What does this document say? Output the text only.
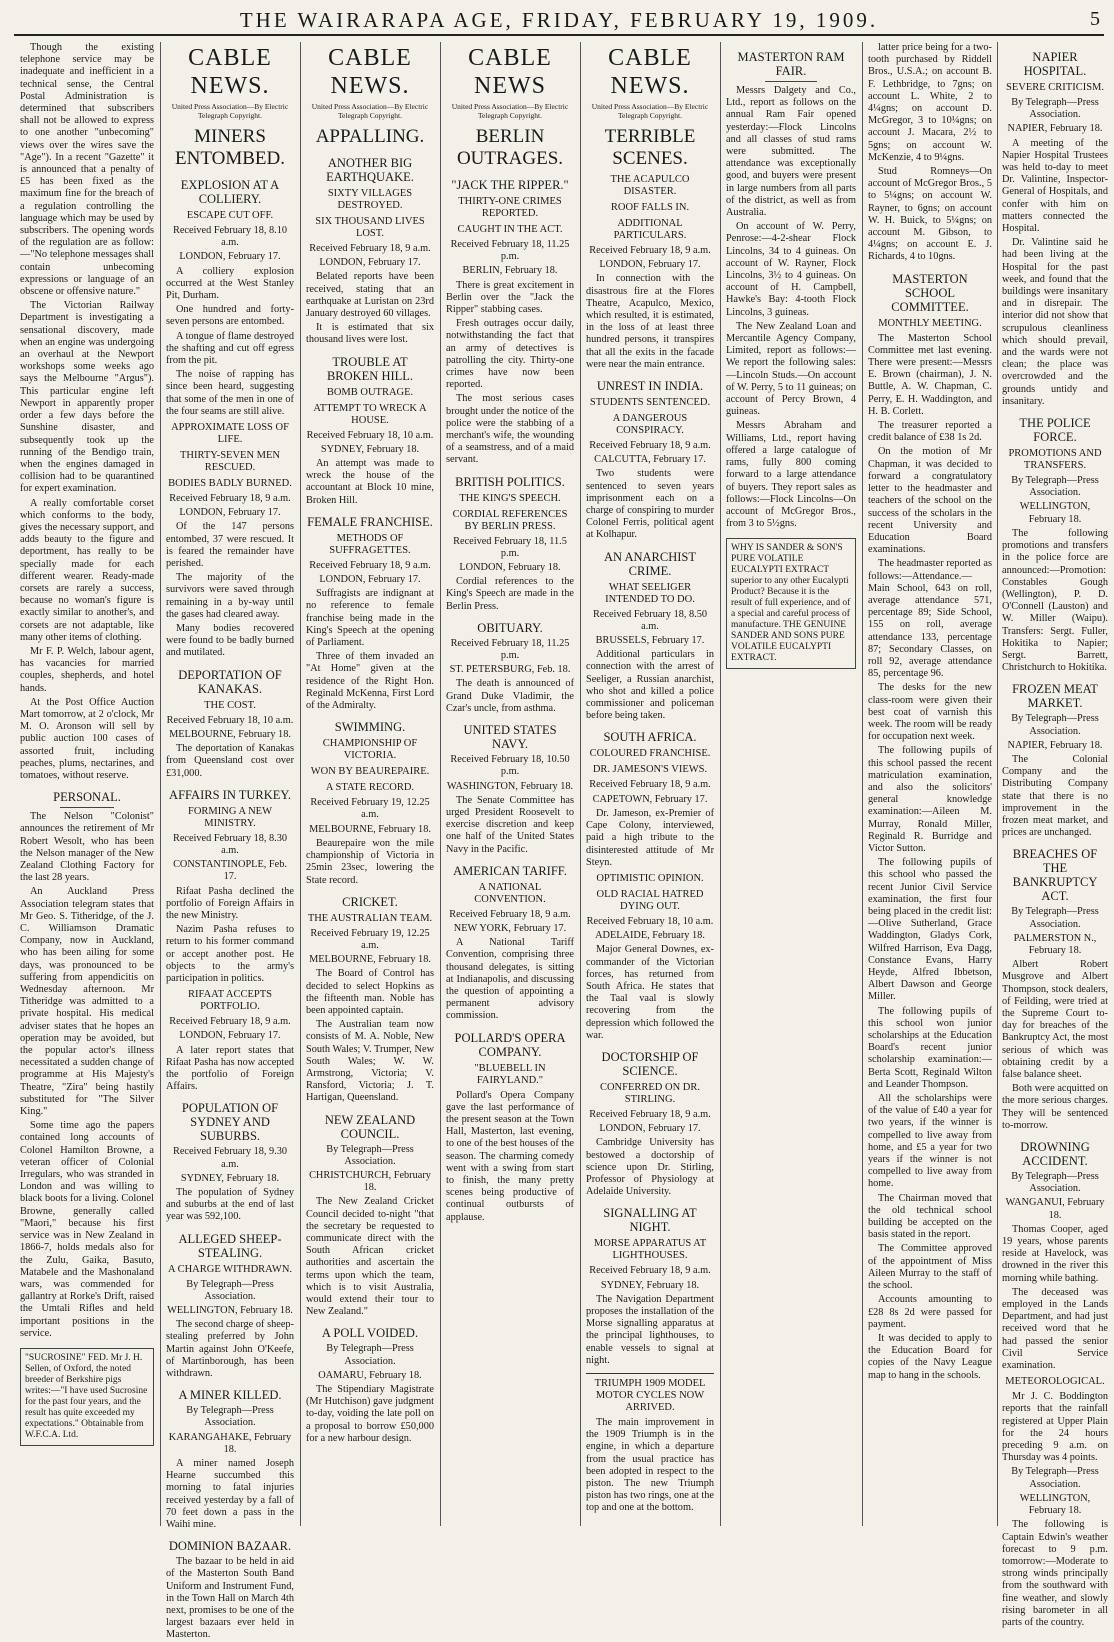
THE WAIRARAPA AGE, FRIDAY, FEBRUARY 19, 1909.	5

Though the existing telephone service may be inadequate and inefficient in a technical sense, the Central Postal Administration is determined that subscribers shall not be allowed to express to one another "unbecoming" views over the wires save the "Age"). In a recent "Gazette" it is announced that a penalty of £5 has been fixed as the maximum fine for the breach of a regulation controlling the language which may be used by subscribers. The opening words of the regulation are as follow:—"No telephone messages shall contain unbecoming expressions or language of an obscene or offensive nature."

The Victorian Railway Department is investigating a sensational discovery, made when an engine was undergoing an overhaul at the Newport workshops some weeks ago says the Melbourne "Argus"). This particular engine left Newport in apparently proper order a few days before the Sunshine disaster, and subsequently took up the running of the Bendigo train, when the engines damaged in collision had to be quarantined for expert examination.

A really comfortable corset which conforms to the body, gives the necessary support, and adds beauty to the figure and deportment, has really to be specially made for each different wearer. Ready-made corsets are rarely a success, because no woman's figure is exactly similar to another's, and corsets are not adaptable, like many other items of clothing.

Mr F. P. Welch, labour agent, has vacancies for married couples, shepherds, and hotel hands.

At the Post Office Auction Mart tomorrow, at 2 o'clock, Mr M. O. Aronson will sell by public auction 100 cases of assorted fruit, including peaches, plums, nectarines, and tomatoes, without reserve.

PERSONAL.

The Nelson "Colonist" announces the retirement of Mr Robert Wesolt, who has been the Nelson manager of the New Zealand Clothing Factory for the last 28 years.

An Auckland Press Association telegram states that Mr Geo. S. Titheridge, of the J. C. Williamson Dramatic Company, now in Auckland, who has been ailing for some days, was pronounced to be suffering from appendicitis on Wednesday afternoon. Mr Titheridge was admitted to a private hospital. His medical adviser states that he hopes an operation may be avoided, but the popular actor's illness necessitated a sudden change of programme at His Majesty's Theatre, "Zira" being hastily substituted for "The Silver King."

Some time ago the papers contained long accounts of Colonel Hamilton Browne, a veteran officer of Colonial Irregulars, who was stranded in London and was willing to black boots for a living. Colonel Browne, generally called "Maori," because his first service was in New Zealand in 1866-7, holds medals also for the Zulu, Gaika, Basuto, Matabele and the Mashonaland wars, was commended for gallantry at Rorke's Drift, raised the Umtali Rifles and held important positions in the service.

"SUCROSINE" FED. Mr J. H. Sellen, of Oxford, the noted breeder of Berkshire pigs writes:—"I have used Sucrosine for the past four years, and the result has quite exceeded my expectations." Obtainable from W.F.C.A. Ltd.
CABLE NEWS.
United Press Association—By Electric Telegraph Copyright.
MINERS ENTOMBED.
EXPLOSION AT A COLLIERY.
ESCAPE CUT OFF.

Received February 18, 8.10 a.m.

LONDON, February 17.

A colliery explosion occurred at the West Stanley Pit, Durham.

One hundred and forty-seven persons are entombed.

A tongue of flame destroyed the shafting and cut off egress from the pit.

The noise of rapping has since been heard, suggesting that some of the men in one of the four seams are still alive.

APPROXIMATE LOSS OF LIFE.
THIRTY-SEVEN MEN RESCUED.
BODIES BADLY BURNED.

Received February 18, 9 a.m.

LONDON, February 17.

Of the 147 persons entombed, 37 were rescued. It is feared the remainder have perished.

The majority of the survivors were saved through remaining in a by-way until the gases had cleared away.

Many bodies recovered were found to be badly burned and mutilated.

DEPORTATION OF KANAKAS.
THE COST.

Received February 18, 10 a.m.

MELBOURNE, February 18.

The deportation of Kanakas from Queensland cost over £31,000.

AFFAIRS IN TURKEY.
FORMING A NEW MINISTRY.

Received February 18, 8.30 a.m.

CONSTANTINOPLE, Feb. 17.

Rifaat Pasha declined the portfolio of Foreign Affairs in the new Ministry.

Nazim Pasha refuses to return to his former command or accept another post. He objects to the army's participation in politics.

RIFAAT ACCEPTS PORTFOLIO.

Received February 18, 9 a.m.

LONDON, February 17.

A later report states that Rifaat Pasha has now accepted the portfolio of Foreign Affairs.

POPULATION OF SYDNEY AND SUBURBS.

Received February 18, 9.30 a.m.

SYDNEY, February 18.

The population of Sydney and suburbs at the end of last year was 592,100.

ALLEGED SHEEP-STEALING.
A CHARGE WITHDRAWN.

By Telegraph—Press Association.

WELLINGTON, February 18.

The second charge of sheep-stealing preferred by John Martin against John O'Keefe, of Martinborough, has been withdrawn.

A MINER KILLED.

By Telegraph—Press Association.

KARANGAHAKE, February 18.

A miner named Joseph Hearne succumbed this morning to fatal injuries received yesterday by a fall of 70 feet down a pass in the Waihi mine.

DOMINION BAZAAR.

The bazaar to be held in aid of the Masterton South Band Uniform and Instrument Fund, in the Town Hall on March 4th next, promises to be one of the largest bazaars ever held in Masterton.

CABLE NEWS.
United Press Association—By Electric Telegraph Copyright.
APPALLING.
ANOTHER BIG EARTHQUAKE.
SIXTY VILLAGES DESTROYED.
SIX THOUSAND LIVES LOST.

Received February 18, 9 a.m.

LONDON, February 17.

Belated reports have been received, stating that an earthquake at Luristan on 23rd January destroyed 60 villages.

It is estimated that six thousand lives were lost.

TROUBLE AT BROKEN HILL.
BOMB OUTRAGE.
ATTEMPT TO WRECK A HOUSE.

Received February 18, 10 a.m.

SYDNEY, February 18.

An attempt was made to wreck the house of the accountant at Block 10 mine, Broken Hill.

FEMALE FRANCHISE.
METHODS OF SUFFRAGETTES.

Received February 18, 9 a.m.

LONDON, February 17.

Suffragists are indignant at no reference to female franchise being made in the King's Speech at the opening of Parliament.

Three of them invaded an "At Home" given at the residence of the Right Hon. Reginald McKenna, First Lord of the Admiralty.

SWIMMING.
CHAMPIONSHIP OF VICTORIA.
WON BY BEAUREPAIRE.
A STATE RECORD.

Received February 19, 12.25 a.m.

MELBOURNE, February 18.

Beaurepaire won the mile championship of Victoria in 25min 23sec, lowering the State record.

CRICKET.
THE AUSTRALIAN TEAM.

Received February 19, 12.25 a.m.

MELBOURNE, February 18.

The Board of Control has decided to select Hopkins as the fifteenth man. Noble has been appointed captain.

The Australian team now consists of M. A. Noble, New South Wales; V. Trumper, New South Wales; W. W. Armstrong, Victoria; V. Ransford, Victoria; J. T. Hartigan, Queensland.

NEW ZEALAND COUNCIL.

By Telegraph—Press Association.

CHRISTCHURCH, February 18.

The New Zealand Cricket Council decided to-night "that the secretary be requested to communicate direct with the South African cricket authorities and ascertain the terms upon which the team, which is to visit Australia, would extend their tour to New Zealand."

A POLL VOIDED.

By Telegraph—Press Association.

OAMARU, February 18.

The Stipendiary Magistrate (Mr Hutchison) gave judgment to-day, voiding the late poll on a proposal to borrow £50,000 for a new harbour design.

CABLE NEWS
United Press Association—By Electric Telegraph Copyright.
BERLIN OUTRAGES.
"JACK THE RIPPER."
THIRTY-ONE CRIMES REPORTED.
CAUGHT IN THE ACT.

Received February 18, 11.25 p.m.

BERLIN, February 18.

There is great excitement in Berlin over the "Jack the Ripper" stabbing cases.

Fresh outrages occur daily, notwithstanding the fact that an army of detectives is patrolling the city. Thirty-one crimes have now been reported.

The most serious cases brought under the notice of the police were the stabbing of a merchant's wife, the wounding of a seamstress, and of a maid servant.

BRITISH POLITICS.
THE KING'S SPEECH.
CORDIAL REFERENCES BY BERLIN PRESS.

Received February 18, 11.5 p.m.

LONDON, February 18.

Cordial references to the King's Speech are made in the Berlin Press.

OBITUARY.

Received February 18, 11.25 p.m.

ST. PETERSBURG, Feb. 18.

The death is announced of Grand Duke Vladimir, the Czar's uncle, from asthma.

UNITED STATES NAVY.

Received February 18, 10.50 p.m.

WASHINGTON, February 18.

The Senate Committee has urged President Roosevelt to exercise discretion and keep one half of the United States Navy in the Pacific.

AMERICAN TARIFF.
A NATIONAL CONVENTION.

Received February 18, 9 a.m.

NEW YORK, February 17.

A National Tariff Convention, comprising three thousand delegates, is sitting at Indianapolis, and discussing the question of appointing a permanent advisory commission.

POLLARD'S OPERA COMPANY.
"BLUEBELL IN FAIRYLAND."

Pollard's Opera Company gave the last performance of the present season at the Town Hall, Masterton, last evening, to one of the best houses of the season. The charming comedy went with a swing from start to finish, the many pretty scenes being productive of continual outbursts of applause.

CABLE NEWS.
United Press Association—By Electric Telegraph Copyright.
TERRIBLE SCENES.
THE ACAPULCO DISASTER.
ROOF FALLS IN.
ADDITIONAL PARTICULARS.

Received February 18, 9 a.m.

LONDON, February 17.

In connection with the disastrous fire at the Flores Theatre, Acapulco, Mexico, which resulted, it is estimated, in the loss of at least three hundred persons, it transpires that all the exits in the facade were near the main entrance.

UNREST IN INDIA.
STUDENTS SENTENCED.
A DANGEROUS CONSPIRACY.

Received February 18, 9 a.m.

CALCUTTA, February 17.

Two students were sentenced to seven years imprisonment each on a charge of conspiring to murder Colonel Ferris, political agent at Kolhapur.

AN ANARCHIST CRIME.
WHAT SEELIGER INTENDED TO DO.

Received February 18, 8.50 a.m.

BRUSSELS, February 17.

Additional particulars in connection with the arrest of Seeliger, a Russian anarchist, who shot and killed a police commissioner and policeman before being taken.

SOUTH AFRICA.
COLOURED FRANCHISE.
DR. JAMESON'S VIEWS.

Received February 18, 9 a.m.

CAPETOWN, February 17.

Dr. Jameson, ex-Premier of Cape Colony, interviewed, paid a high tribute to the disinterested attitude of Mr Steyn.

OPTIMISTIC OPINION.
OLD RACIAL HATRED DYING OUT.

Received February 18, 10 a.m.

ADELAIDE, February 18.

Major General Downes, ex-commander of the Victorian forces, has returned from South Africa. He states that the Taal vaal is slowly recovering from the depression which followed the war.

DOCTORSHIP OF SCIENCE.
CONFERRED ON DR. STIRLING.

Received February 18, 9 a.m.

LONDON, February 17.

Cambridge University has bestowed a doctorship of science upon Dr. Stirling, Professor of Physiology at Adelaide University.

SIGNALLING AT NIGHT.
MORSE APPARATUS AT LIGHTHOUSES.

Received February 18, 9 a.m.

SYDNEY, February 18.

The Navigation Department proposes the installation of the Morse signalling apparatus at the principal lighthouses, to enable vessels to signal at night.

TRIUMPH 1909 MODEL MOTOR CYCLES NOW ARRIVED.

The main improvement in the 1909 Triumph is in the engine, in which a departure from the usual practice has been adopted in respect to the piston. The new Triumph piston has two rings, one at the top and one at the bottom.

MASTERTON RAM FAIR.

Messrs Dalgety and Co., Ltd., report as follows on the annual Ram Fair opened yesterday:—Flock Lincolns and all classes of stud rams were submitted. The attendance was exceptionally good, and buyers were present in large numbers from all parts of the district, as well as from Australia.

On account of W. Perry, Penrose:—4-2-shear Flock Lincolns, 34 to 4 guineas. On account of W. Rayner, Flock Lincolns, 3½ to 4 guineas. On account of H. Campbell, Hawke's Bay: 4-tooth Flock Lincolns, 3 guineas.

The New Zealand Loan and Mercantile Agency Company, Limited, report as follows:—We report the following sales:—Lincoln Studs.—On account of W. Perry, 5 to 11 guineas; on account of Percy Brown, 4 guineas.

Messrs Abraham and Williams, Ltd., report having offered a large catalogue of rams, fully 800 coming forward to a large attendance of buyers. They report sales as follows:—Flock Lincolns—On account of McGregor Bros., from 3 to 5½gns.

WHY IS SANDER & SON'S PURE VOLATILE EUCALYPTI EXTRACT superior to any other Eucalypti Product? Because it is the result of full experience, and of a special and careful process of manufacture. THE GENUINE SANDER AND SONS PURE VOLATILE EUCALYPTI EXTRACT.

latter price being for a two-tooth purchased by Riddell Bros., U.S.A.; on account B. F. Lethbridge, to 7gns; on account L. White, 2 to 4¼gns; on account D. McGregor, 3 to 10¼gns; on account J. Macara, 2½ to 5gns; on account W. McKenzie, 4 to 9¼gns.

Stud Romneys—On account of McGregor Bros., 5 to 5¼gns; on account W. Rayner, to 6gns; on account W. H. Buick, to 5¼gns; on account M. Gibson, to 4¼gns; on account E. J. Richards, 4 to 10gns.

MASTERTON SCHOOL COMMITTEE.
MONTHLY MEETING.

The Masterton School Committee met last evening. There were present:—Messrs E. Brown (chairman), J. N. Buttle, A. W. Chapman, C. Perry, E. H. Waddington, and H. B. Corlett.

The treasurer reported a credit balance of £38 1s 2d.

On the motion of Mr Chapman, it was decided to forward a congratulatory letter to the headmaster and teachers of the school on the success of the scholars in the recent University and Education Board examinations.

The headmaster reported as follows:—Attendance.—Main School, 643 on roll, average attendance 571, percentage 89; Side School, 155 on roll, average attendance 133, percentage 87; Secondary Classes, on roll 92, average attendance 85, percentage 96.

The desks for the new class-room were given their best coat of varnish this week. The room will be ready for occupation next week.

The following pupils of this school passed the recent matriculation examination, and also the solicitors' general knowledge examination:—Aileen M. Murray, Ronald Miller, Reginald R. Burridge and Victor Sutton.

The following pupils of this school who passed the recent Junior Civil Service examination, the first four being placed in the credit list:—Olive Sutherland, Grace Waddington, Gladys Cork, Wilfred Harrison, Eva Dagg, Constance Evans, Harry Heyde, Alfred Ibbetson, Albert Dawson and George Miller.

The following pupils of this school won junior scholarships at the Education Board's recent junior scholarship examination:—Berta Scott, Reginald Wilton and Leander Thompson.

All the scholarships were of the value of £40 a year for two years, if the winner is compelled to live away from home, and £5 a year for two years if the winner is not compelled to live away from home.

The Chairman moved that the old technical school building be accepted on the basis stated in the report.

The Committee approved of the appointment of Miss Aileen Murray to the staff of the school.

Accounts amounting to £28 8s 2d were passed for payment.

It was decided to apply to the Education Board for copies of the Navy League map to hang in the schools.

NAPIER HOSPITAL.
SEVERE CRITICISM.

By Telegraph—Press Association.

NAPIER, February 18.

A meeting of the Napier Hospital Trustees was held to-day to meet Dr. Valintine, Inspector-General of Hospitals, and confer with him on matters connected the Hospital.

Dr. Valintine said he had been living at the Hospital for the past week, and found that the buildings were insanitary and in disrepair. The interior did not show that scrupulous cleanliness which should prevail, and the wards were not clean; the place was overcrowded and the grounds untidy and insanitary.

THE POLICE FORCE.
PROMOTIONS AND TRANSFERS.

By Telegraph—Press Association.

WELLINGTON, February 18.

The following promotions and transfers in the police force are announced:—Promotion: Constables Gough (Wellington), P. D. O'Connell (Lauston) and W. Miller (Waipu). Transfers: Sergt. Fuller, Hokitika to Napier; Sergt. Barrett, Christchurch to Hokitika.

FROZEN MEAT MARKET.

By Telegraph—Press Association.

NAPIER, February 18.

The Colonial Company and the Distributing Company state that there is no improvement in the frozen meat market, and prices are unchanged.

BREACHES OF THE BANKRUPTCY ACT.

By Telegraph—Press Association.

PALMERSTON N., February 18.

Albert Robert Musgrove and Albert Thompson, stock dealers, of Feilding, were tried at the Supreme Court to-day for breaches of the Bankruptcy Act, the most serious of which was obtaining credit by a false balance sheet.

Both were acquitted on the more serious charges. They will be sentenced to-morrow.

DROWNING ACCIDENT.

By Telegraph—Press Association.

WANGANUI, February 18.

Thomas Cooper, aged 19 years, whose parents reside at Havelock, was drowned in the river this morning while bathing.

The deceased was employed in the Lands Department, and had just received word that he had passed the senior Civil Service examination.

METEOROLOGICAL.

Mr J. C. Boddington reports that the rainfall registered at Upper Plain for the 24 hours preceding 9 a.m. on Thursday was 4 points.

By Telegraph—Press Association.

WELLINGTON, February 18.

The following is Captain Edwin's weather forecast to 9 p.m. tomorrow:—Moderate to strong winds principally from the southward with fine weather, and slowly rising barometer in all parts of the country.
